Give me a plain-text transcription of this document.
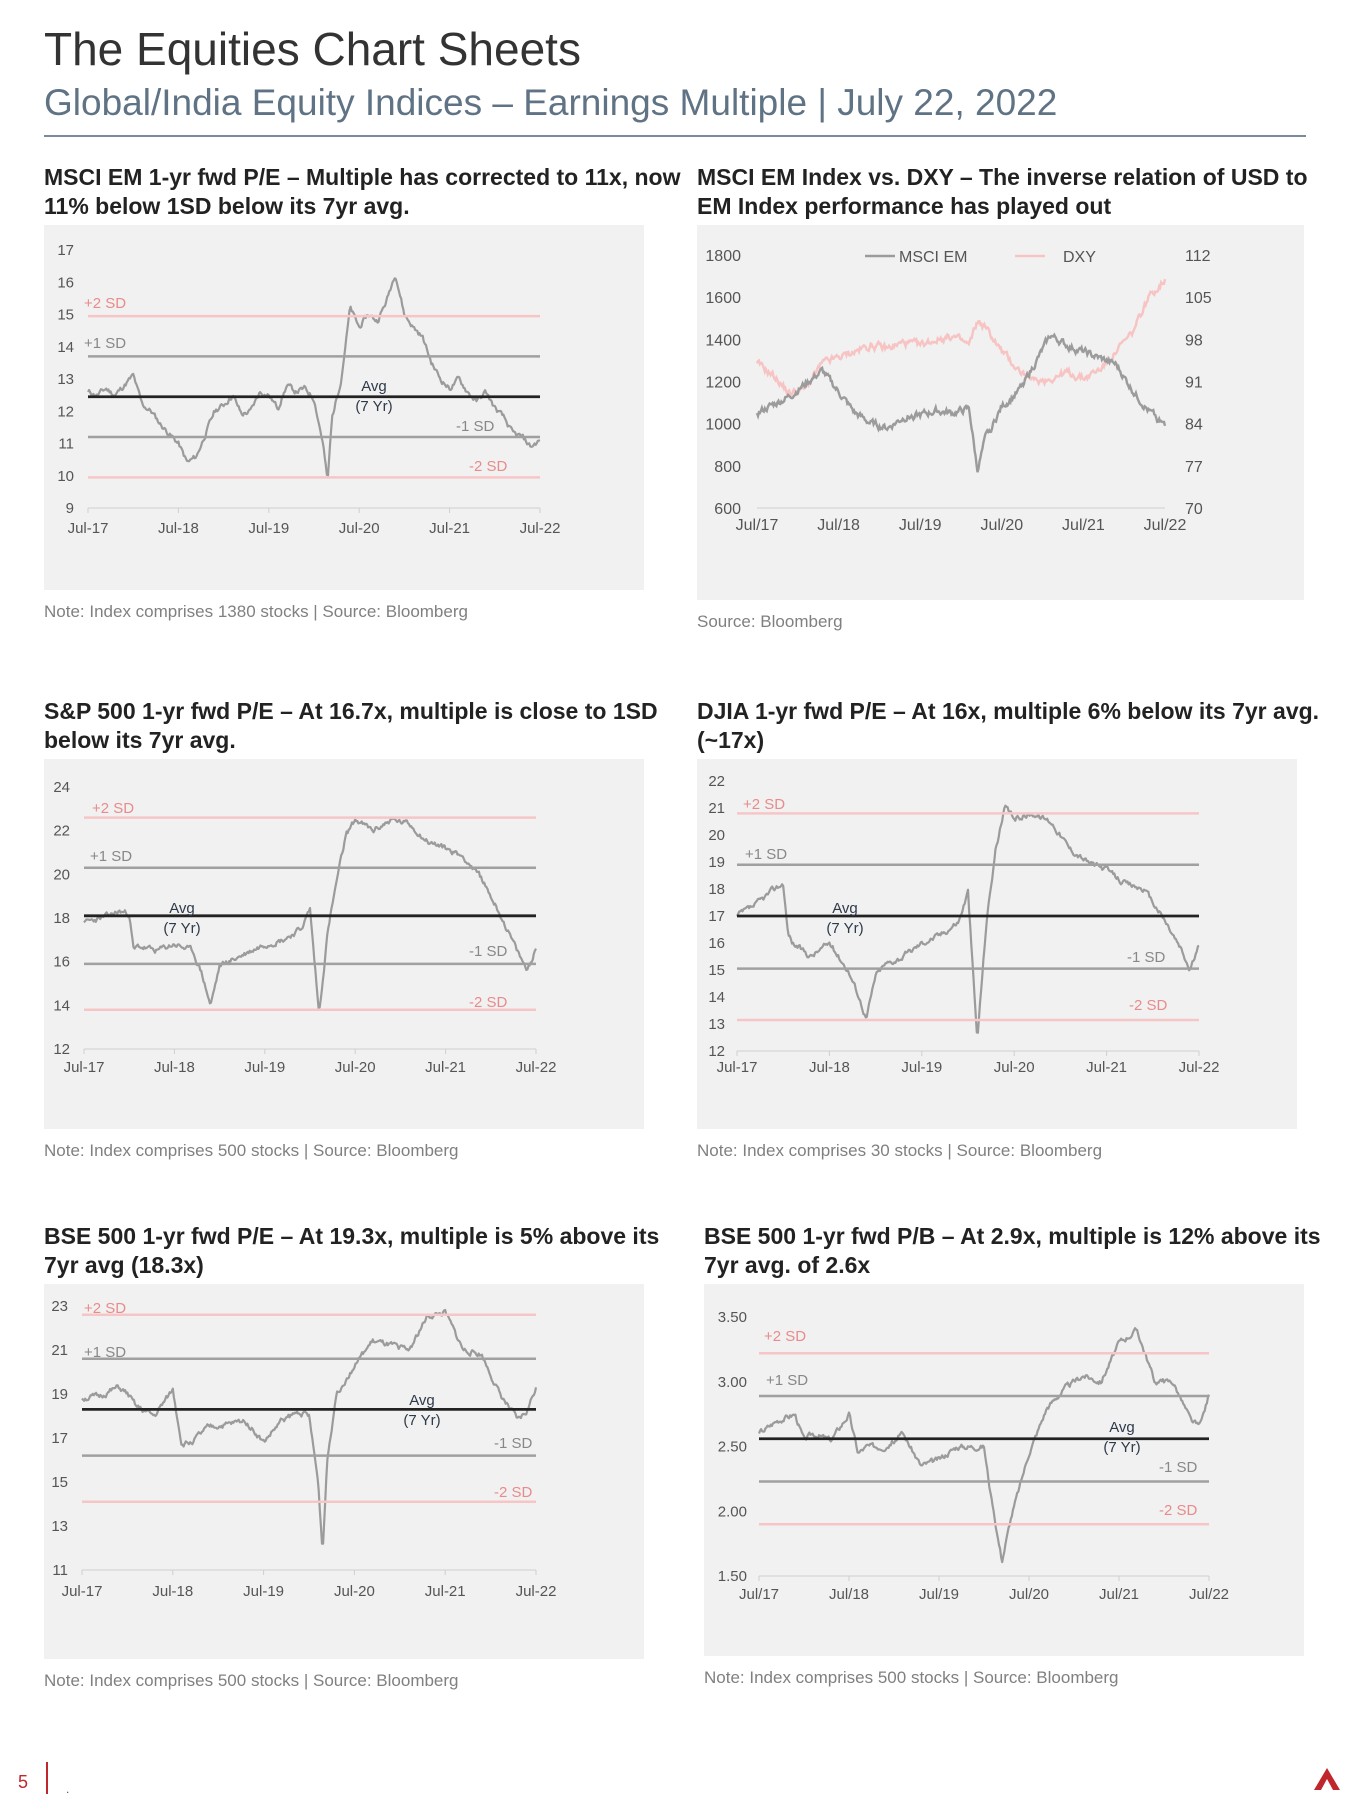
The Equities Chart Sheets
Global/India Equity Indices – Earnings Multiple | July 22, 2022

MSCI EM 1-yr fwd P/E – Multiple has corrected to 11x, now 11% below 1SD below its 7yr avg.

9
10
11
12
13
14
15
16
17
Jul-17	Jul-18	Jul-19	Jul-20	Jul-21	Jul-22
+2 SD
+1 SD
Avg
(7 Yr)
-1 SD
-2 SD
Note: Index comprises 1380 stocks | Source: Bloomberg

MSCI EM Index vs. DXY – The inverse relation of USD to EM Index performance has played out

600
800
1000
1200
1400
1600
1800
70
77
84
91
98
105
112
Jul/17 Jul/18 Jul/19 Jul/20 Jul/21 Jul/22
MSCI EM	DXY
Source: Bloomberg

S&P 500 1-yr fwd P/E – At 16.7x, multiple is close to 1SD below its 7yr avg.

12
14
16
18
20
22
24
Jul-17	Jul-18	Jul-19	Jul-20	Jul-21	Jul-22
+2 SD
+1 SD
Avg
(7 Yr)
-1 SD
-2 SD
Note: Index comprises 500 stocks | Source: Bloomberg

DJIA 1-yr fwd P/E – At 16x, multiple 6% below its 7yr avg. (~17x)

12
13
14
15
16
17
18
19
20
21
22
Jul-17	Jul-18	Jul-19	Jul-20	Jul-21	Jul-22
+2 SD
+1 SD
Avg
(7 Yr)
-1 SD
-2 SD
Note: Index comprises 30 stocks | Source: Bloomberg

BSE 500 1-yr fwd P/E – At 19.3x, multiple is 5% above its 7yr avg (18.3x)

11
13
15
17
19
21
23
Jul-17	Jul-18	Jul-19	Jul-20	Jul-21	Jul-22
+2 SD
+1 SD
Avg
(7 Yr)
-1 SD
-2 SD
Note: Index comprises 500 stocks | Source: Bloomberg

BSE 500 1-yr fwd P/B – At 2.9x, multiple is 12% above its 7yr avg. of 2.6x

1.50
2.00
2.50
3.00
3.50
Jul/17	Jul/18	Jul/19	Jul/20	Jul/21	Jul/22
+2 SD
+1 SD
Avg
(7 Yr)
-1 SD
-2 SD
Note: Index comprises 500 stocks | Source: Bloomberg
5	.
